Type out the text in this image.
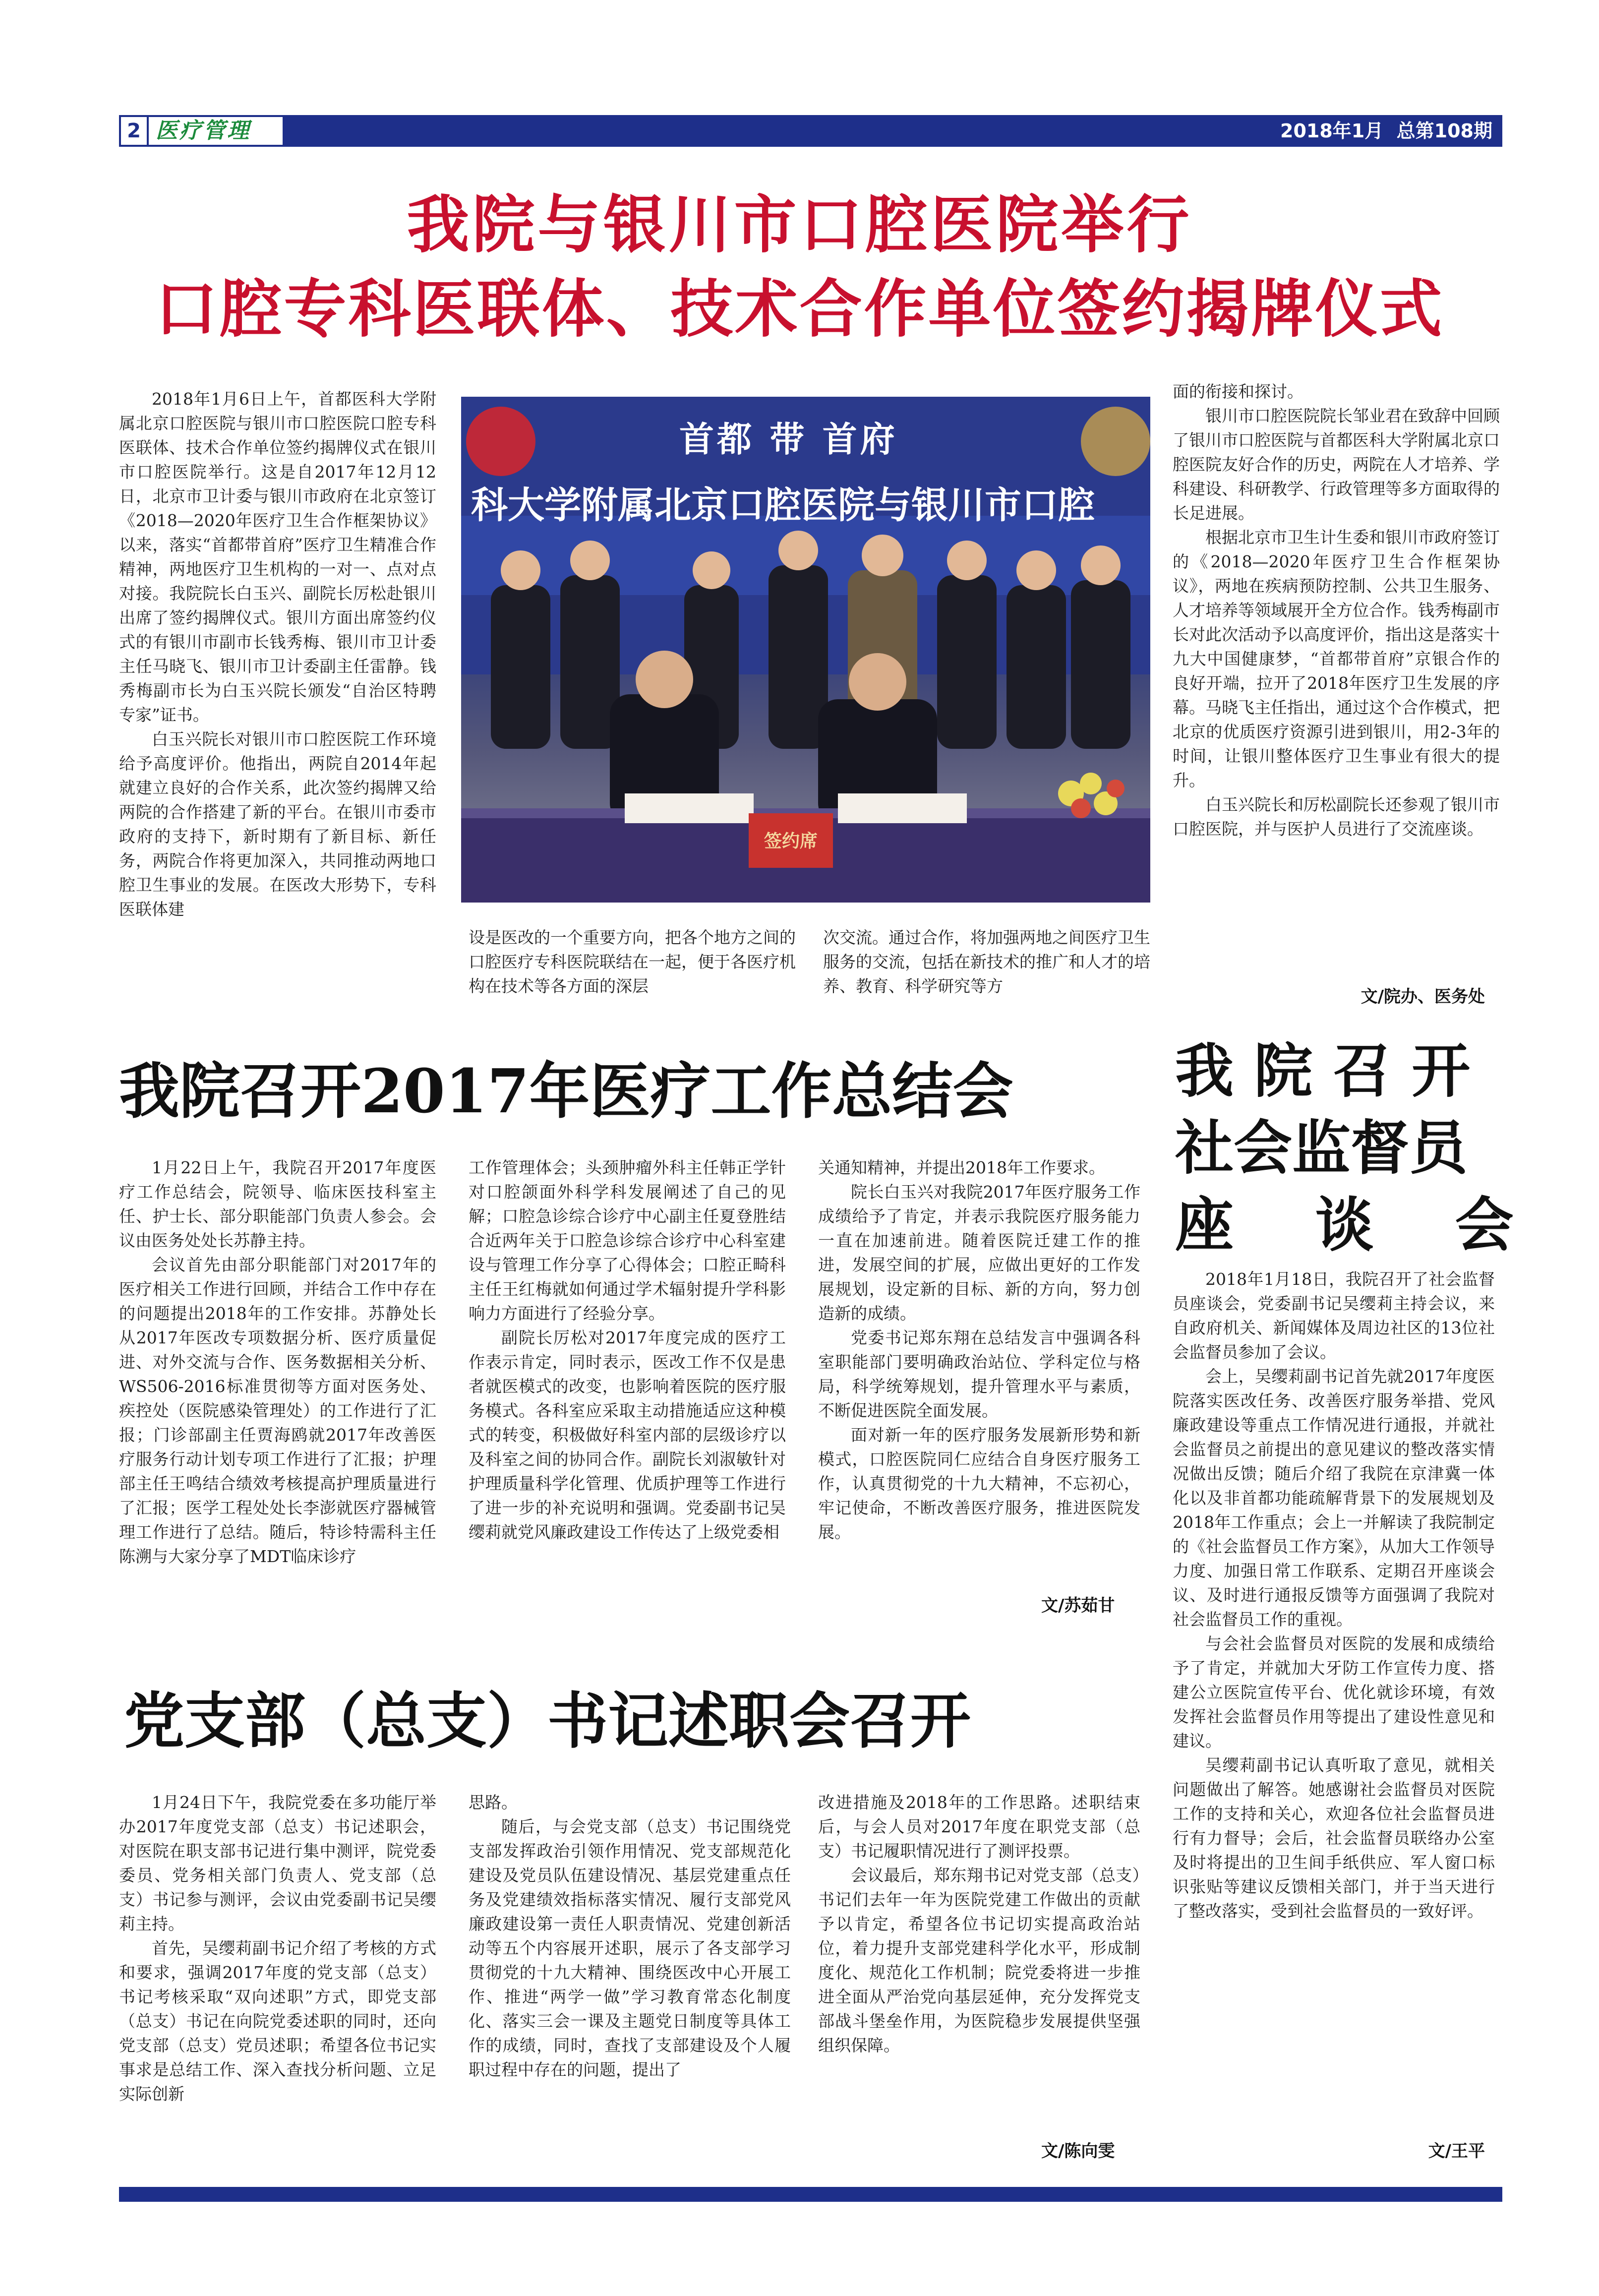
2 医疗管理	2018年1月  总第108期
我院与银川市口腔医院举行
口腔专科医联体、技术合作单位签约揭牌仪式

2018年1月6日上午，首都医科大学附属北京口腔医院与银川市口腔医院口腔专科医联体、技术合作单位签约揭牌仪式在银川市口腔医院举行。这是自2017年12月12日，北京市卫计委与银川市政府在北京签订《2018—2020年医疗卫生合作框架协议》以来，落实“首都带首府”医疗卫生精准合作精神，两地医疗卫生机构的一对一、点对点对接。我院院长白玉兴、副院长厉松赴银川出席了签约揭牌仪式。银川方面出席签约仪式的有银川市副市长钱秀梅、银川市卫计委主任马晓飞、银川市卫计委副主任雷静。钱秀梅副市长为白玉兴院长颁发“自治区特聘专家”证书。

白玉兴院长对银川市口腔医院工作环境给予高度评价。他指出，两院自2014年起就建立良好的合作关系，此次签约揭牌又给两院的合作搭建了新的平台。在银川市委市政府的支持下，新时期有了新目标、新任务，两院合作将更加深入，共同推动两地口腔卫生事业的发展。在医改大形势下，专科医联体建

首都 带 首府
科大学附属北京口腔医院与银川市口腔
签约席

设是医改的一个重要方向，把各个地方之间的口腔医疗专科医院联结在一起，便于各医疗机构在技术等各方面的深层

次交流。通过合作，将加强两地之间医疗卫生服务的交流，包括在新技术的推广和人才的培养、教育、科学研究等方

面的衔接和探讨。

银川市口腔医院院长邹业君在致辞中回顾了银川市口腔医院与首都医科大学附属北京口腔医院友好合作的历史，两院在人才培养、学科建设、科研教学、行政管理等多方面取得的长足进展。

根据北京市卫生计生委和银川市政府签订的《2018—2020年医疗卫生合作框架协议》，两地在疾病预防控制、公共卫生服务、人才培养等领域展开全方位合作。钱秀梅副市长对此次活动予以高度评价，指出这是落实十九大中国健康梦，“首都带首府”京银合作的良好开端，拉开了2018年医疗卫生发展的序幕。马晓飞主任指出，通过这个合作模式，把北京的优质医疗资源引进到银川，用2-3年的时间，让银川整体医疗卫生事业有很大的提升。

白玉兴院长和厉松副院长还参观了银川市口腔医院，并与医护人员进行了交流座谈。

文/院办、医务处
我院召开2017年医疗工作总结会

1月22日上午，我院召开2017年度医疗工作总结会，院领导、临床医技科室主任、护士长、部分职能部门负责人参会。会议由医务处处长苏静主持。

会议首先由部分职能部门对2017年的医疗相关工作进行回顾，并结合工作中存在的问题提出2018年的工作安排。苏静处长从2017年医改专项数据分析、医疗质量促进、对外交流与合作、医务数据相关分析、WS506-2016标准贯彻等方面对医务处、疾控处（医院感染管理处）的工作进行了汇报；门诊部副主任贾海鸥就2017年改善医疗服务行动计划专项工作进行了汇报；护理部主任王鸣结合绩效考核提高护理质量进行了汇报；医学工程处处长李澎就医疗器械管理工作进行了总结。随后，特诊特需科主任陈溯与大家分享了MDT临床诊疗

工作管理体会；头颈肿瘤外科主任韩正学针对口腔颌面外科学科发展阐述了自己的见解；口腔急诊综合诊疗中心副主任夏登胜结合近两年关于口腔急诊综合诊疗中心科室建设与管理工作分享了心得体会；口腔正畸科主任王红梅就如何通过学术辐射提升学科影响力方面进行了经验分享。

副院长厉松对2017年度完成的医疗工作表示肯定，同时表示，医改工作不仅是患者就医模式的改变，也影响着医院的医疗服务模式。各科室应采取主动措施适应这种模式的转变，积极做好科室内部的层级诊疗以及科室之间的协同合作。副院长刘淑敏针对护理质量科学化管理、优质护理等工作进行了进一步的补充说明和强调。党委副书记吴缨莉就党风廉政建设工作传达了上级党委相

关通知精神，并提出2018年工作要求。

院长白玉兴对我院2017年医疗服务工作成绩给予了肯定，并表示我院医疗服务能力一直在加速前进。随着医院迁建工作的推进，发展空间的扩展，应做出更好的工作发展规划，设定新的目标、新的方向，努力创造新的成绩。

党委书记郑东翔在总结发言中强调各科室职能部门要明确政治站位、学科定位与格局，科学统筹规划，提升管理水平与素质，不断促进医院全面发展。

面对新一年的医疗服务发展新形势和新模式，口腔医院同仁应结合自身医疗服务工作，认真贯彻党的十九大精神，不忘初心，牢记使命，不断改善医疗服务，推进医院发展。

文/苏茹甘
我 院 召 开
社会监督员
座    谈    会

2018年1月18日，我院召开了社会监督员座谈会，党委副书记吴缨莉主持会议，来自政府机关、新闻媒体及周边社区的13位社会监督员参加了会议。

会上，吴缨莉副书记首先就2017年度医院落实医改任务、改善医疗服务举措、党风廉政建设等重点工作情况进行通报，并就社会监督员之前提出的意见建议的整改落实情况做出反馈；随后介绍了我院在京津冀一体化以及非首都功能疏解背景下的发展规划及2018年工作重点；会上一并解读了我院制定的《社会监督员工作方案》，从加大工作领导力度、加强日常工作联系、定期召开座谈会议、及时进行通报反馈等方面强调了我院对社会监督员工作的重视。

与会社会监督员对医院的发展和成绩给予了肯定，并就加大牙防工作宣传力度、搭建公立医院宣传平台、优化就诊环境，有效发挥社会监督员作用等提出了建设性意见和建议。

吴缨莉副书记认真听取了意见，就相关问题做出了解答。她感谢社会监督员对医院工作的支持和关心，欢迎各位社会监督员进行有力督导；会后，社会监督员联络办公室及时将提出的卫生间手纸供应、军人窗口标识张贴等建议反馈相关部门，并于当天进行了整改落实，受到社会监督员的一致好评。

文/王平
党支部（总支）书记述职会召开

1月24日下午，我院党委在多功能厅举办2017年度党支部（总支）书记述职会，对医院在职支部书记进行集中测评，院党委委员、党务相关部门负责人、党支部（总支）书记参与测评，会议由党委副书记吴缨莉主持。

首先，吴缨莉副书记介绍了考核的方式和要求，强调2017年度的党支部（总支）书记考核采取“双向述职”方式，即党支部（总支）书记在向院党委述职的同时，还向党支部（总支）党员述职；希望各位书记实事求是总结工作、深入查找分析问题、立足实际创新

思路。

随后，与会党支部（总支）书记围绕党支部发挥政治引领作用情况、党支部规范化建设及党员队伍建设情况、基层党建重点任务及党建绩效指标落实情况、履行支部党风廉政建设第一责任人职责情况、党建创新活动等五个内容展开述职，展示了各支部学习贯彻党的十九大精神、围绕医改中心开展工作、推进“两学一做”学习教育常态化制度化、落实三会一课及主题党日制度等具体工作的成绩，同时，查找了支部建设及个人履职过程中存在的问题，提出了

改进措施及2018年的工作思路。述职结束后，与会人员对2017年度在职党支部（总支）书记履职情况进行了测评投票。

会议最后，郑东翔书记对党支部（总支）书记们去年一年为医院党建工作做出的贡献予以肯定，希望各位书记切实提高政治站位，着力提升支部党建科学化水平，形成制度化、规范化工作机制；院党委将进一步推进全面从严治党向基层延伸，充分发挥党支部战斗堡垒作用，为医院稳步发展提供坚强组织保障。

文/陈向雯
